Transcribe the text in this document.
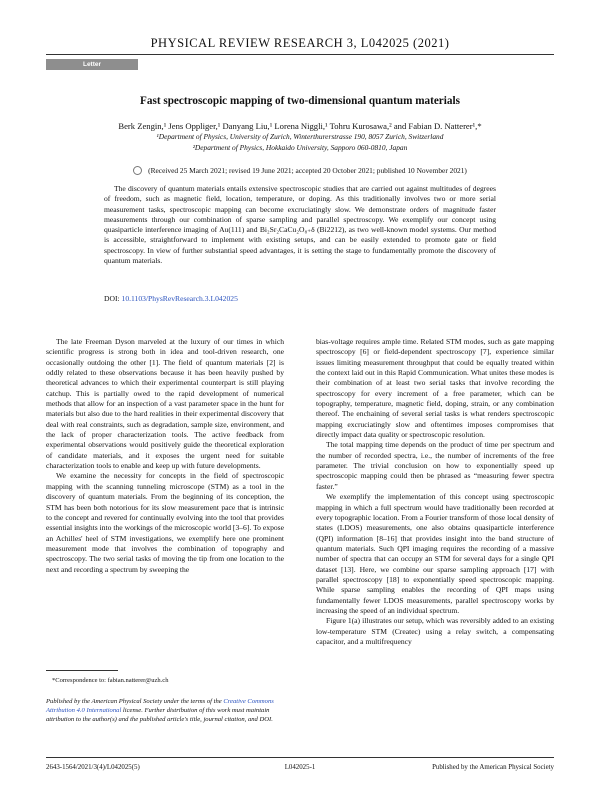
PHYSICAL REVIEW RESEARCH 3, L042025 (2021)
Letter
Fast spectroscopic mapping of two-dimensional quantum materials
Berk Zengin,¹ Jens Oppliger,¹ Danyang Liu,¹ Lorena Niggli,¹ Tohru Kurosawa,² and Fabian D. Natterer¹,*
¹Department of Physics, University of Zurich, Winterthurerstrasse 190, 8057 Zurich, Switzerland
²Department of Physics, Hokkaido University, Sapporo 060-0810, Japan
(Received 25 March 2021; revised 19 June 2021; accepted 20 October 2021; published 10 November 2021)
The discovery of quantum materials entails extensive spectroscopic studies that are carried out against multitudes of degrees of freedom, such as magnetic field, location, temperature, or doping. As this traditionally involves two or more serial measurement tasks, spectroscopic mapping can become excruciatingly slow. We demonstrate orders of magnitude faster measurements through our combination of sparse sampling and parallel spectroscopy. We exemplify our concept using quasiparticle interference imaging of Au(111) and Bi₂Sr₂CaCu₂O₈₊δ (Bi2212), as two well-known model systems. Our method is accessible, straightforward to implement with existing setups, and can be easily extended to promote gate or field spectroscopy. In view of further substantial speed advantages, it is setting the stage to fundamentally promote the discovery of quantum materials.
DOI: 10.1103/PhysRevResearch.3.L042025

The late Freeman Dyson marveled at the luxury of our times in which scientific progress is strong both in idea and tool-driven research, one occasionally outdoing the other [1]. The field of quantum materials [2] is oddly related to these observations because it has been heavily pushed by theoretical advances to which their experimental counterpart is still playing catchup. This is partially owed to the rapid development of numerical methods that allow for an inspection of a vast parameter space in the hunt for materials but also due to the hard realities in their experimental discovery that deal with real constraints, such as degradation, sample size, environment, and the lack of proper characterization tools. The active feedback from experimental observations would positively guide the theoretical exploration of candidate materials, and it exposes the urgent need for suitable characterization tools to enable and keep up with future developments.

We examine the necessity for concepts in the field of spectroscopic mapping with the scanning tunneling microscope (STM) as a tool in the discovery of quantum materials. From the beginning of its conception, the STM has been both notorious for its slow measurement pace that is intrinsic to the concept and revered for continually evolving into the tool that provides essential insights into the workings of the microscopic world [3–6]. To expose an Achilles' heel of STM investigations, we exemplify here one prominent measurement mode that involves the combination of topography and spectroscopy. The two serial tasks of moving the tip from one location to the next and recording a spectrum by sweeping the

bias-voltage requires ample time. Related STM modes, such as gate mapping spectroscopy [6] or field-dependent spectroscopy [7], experience similar issues limiting measurement throughput that could be equally treated within the context laid out in this Rapid Communication. What unites these modes is their combination of at least two serial tasks that involve recording the spectroscopy for every increment of a free parameter, which can be topography, temperature, magnetic field, doping, strain, or any combination thereof. The enchaining of several serial tasks is what renders spectroscopic mapping excruciatingly slow and oftentimes imposes compromises that directly impact data quality or spectroscopic resolution.

The total mapping time depends on the product of time per spectrum and the number of recorded spectra, i.e., the number of increments of the free parameter. The trivial conclusion on how to exponentially speed up spectroscopic mapping could then be phrased as “measuring fewer spectra faster.”

We exemplify the implementation of this concept using spectroscopic mapping in which a full spectrum would have traditionally been recorded at every topographic location. From a Fourier transform of those local density of states (LDOS) measurements, one also obtains quasiparticle interference (QPI) information [8–16] that provides insight into the band structure of quantum materials. Such QPI imaging requires the recording of a massive number of spectra that can occupy an STM for several days for a single QPI dataset [13]. Here, we combine our sparse sampling approach [17] with parallel spectroscopy [18] to exponentially speed spectroscopic mapping. While sparse sampling enables the recording of QPI maps using fundamentally fewer LDOS measurements, parallel spectroscopy works by increasing the speed of an individual spectrum.

Figure 1(a) illustrates our setup, which was reversibly added to an existing low-temperature STM (Createc) using a relay switch, a compensating capacitor, and a multifrequency

*Correspondence to: fabian.natterer@uzh.ch
Published by the American Physical Society under the terms of the Creative Commons Attribution 4.0 International license. Further distribution of this work must maintain attribution to the author(s) and the published article's title, journal citation, and DOI.
2643-1564/2021/3(4)/L042025(5)	L042025-1	Published by the American Physical Society
